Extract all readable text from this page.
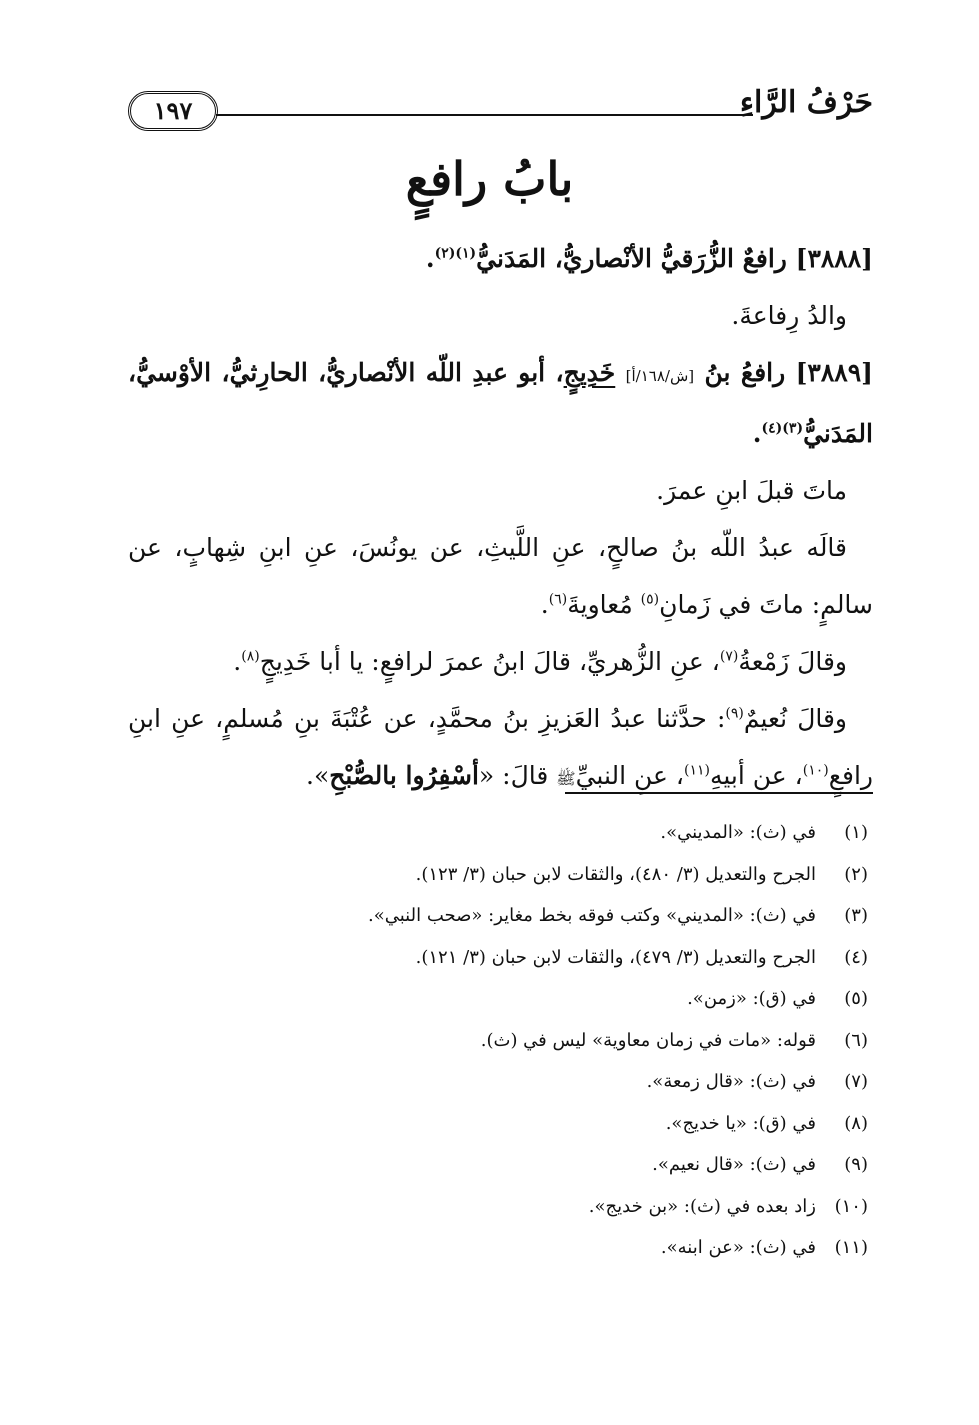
حَرْفُ الرَّاءِ
١٩٧
بابُ رافعٍ

[٣٨٨٨] رافعٌ الزُّرَقيُّ الأنْصاريُّ، المَدَنيُّ$^{(١)(٢)}$.

والدُ رِفاعةَ.

[٣٨٨٩] رافعُ بنُ [ش/١٦٨/أ] خَدِيجٍ، أبو عبدِ اللّه الأنْصاريُّ، الحارِثيُّ، الأوْسيُّ، المَدَنيُّ$^{(٣)(٤)}$.

ماتَ قبلَ ابنِ عمرَ.

قالَه عبدُ اللّه بنُ صالحٍ، عنِ اللَّيثِ، عن يونُسَ، عنِ ابنِ شِهابٍ، عن سالمٍ: ماتَ في زَمانِ$^{(٥)}$ مُعاويةَ$^{(٦)}$.

وقالَ زَمْعةُ$^{(٧)}$، عنِ الزُّهريِّ، قالَ ابنُ عمرَ لرافعٍ: يا أبا خَدِيجٍ$^{(٨)}$.

وقالَ نُعيمٌ$^{(٩)}$: حدَّثنا عبدُ العَزيزِ بنُ محمَّدٍ، عن عُتْبَةَ بنِ مُسلمٍ، عنِ ابنِ رافعٍ$^{(١٠)}$، عن أبيهِ$^{(١١)}$، عنِ النبيِّﷺ قالَ: «أسْفِرُوا بالصُّبْحِ».

(١)في (ث): «المديني».
(٢)الجرح والتعديل (٣/ ٤٨٠)، والثقات لابن حبان (٣/ ١٢٣).
(٣)في (ث): «المديني» وكتب فوقه بخط مغاير: «صحب النبي».
(٤)الجرح والتعديل (٣/ ٤٧٩)، والثقات لابن حبان (٣/ ١٢١).
(٥)في (ق): «زمن».
(٦)قوله: «مات في زمان معاوية» ليس في (ث).
(٧)في (ث): «قال زمعة».
(٨)في (ق): «يا خديج».
(٩)في (ث): «قال نعيم».
(١٠)زاد بعده في (ث): «بن خديج».
(١١)في (ث): «عن ابنه».
